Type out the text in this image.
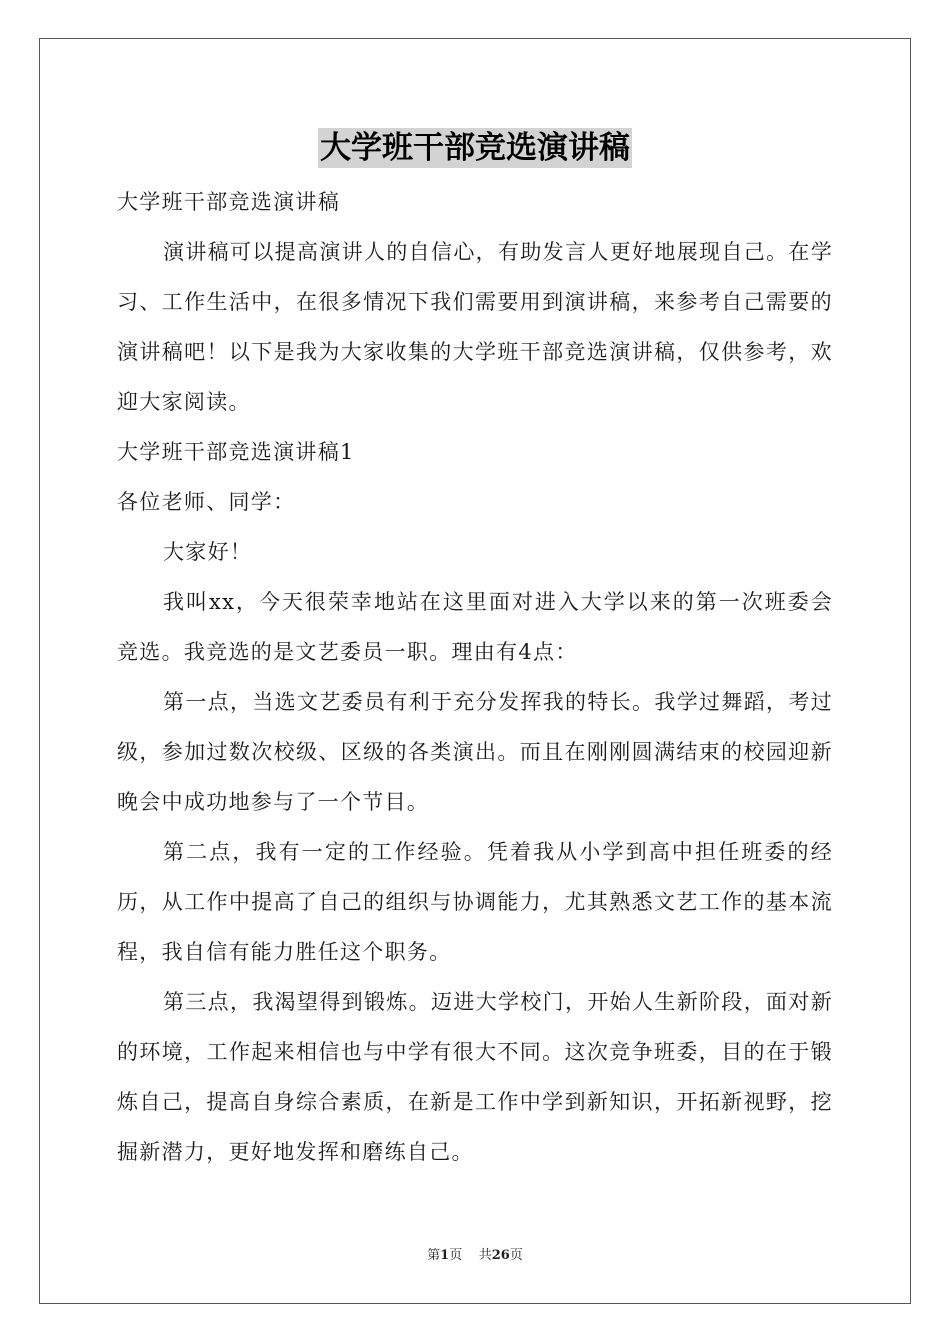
大学班干部竞选演讲稿

大学班干部竞选演讲稿

演讲稿可以提高演讲人的自信心，有助发言人更好地展现自己。在学习、工作生活中，在很多情况下我们需要用到演讲稿，来参考自己需要的演讲稿吧！以下是我为大家收集的大学班干部竞选演讲稿，仅供参考，欢迎大家阅读。

大学班干部竞选演讲稿1

各位老师、同学：

大家好！

我叫xx，今天很荣幸地站在这里面对进入大学以来的第一次班委会竞选。我竞选的是文艺委员一职。理由有4点：

第一点，当选文艺委员有利于充分发挥我的特长。我学过舞蹈，考过级，参加过数次校级、区级的各类演出。而且在刚刚圆满结束的校园迎新晚会中成功地参与了一个节目。

第二点，我有一定的工作经验。凭着我从小学到高中担任班委的经历，从工作中提高了自己的组织与协调能力，尤其熟悉文艺工作的基本流程，我自信有能力胜任这个职务。

第三点，我渴望得到锻炼。迈进大学校门，开始人生新阶段，面对新的环境，工作起来相信也与中学有很大不同。这次竞争班委，目的在于锻炼自己，提高自身综合素质，在新是工作中学到新知识，开拓新视野，挖掘新潜力，更好地发挥和磨练自己。

第1页 共26页
